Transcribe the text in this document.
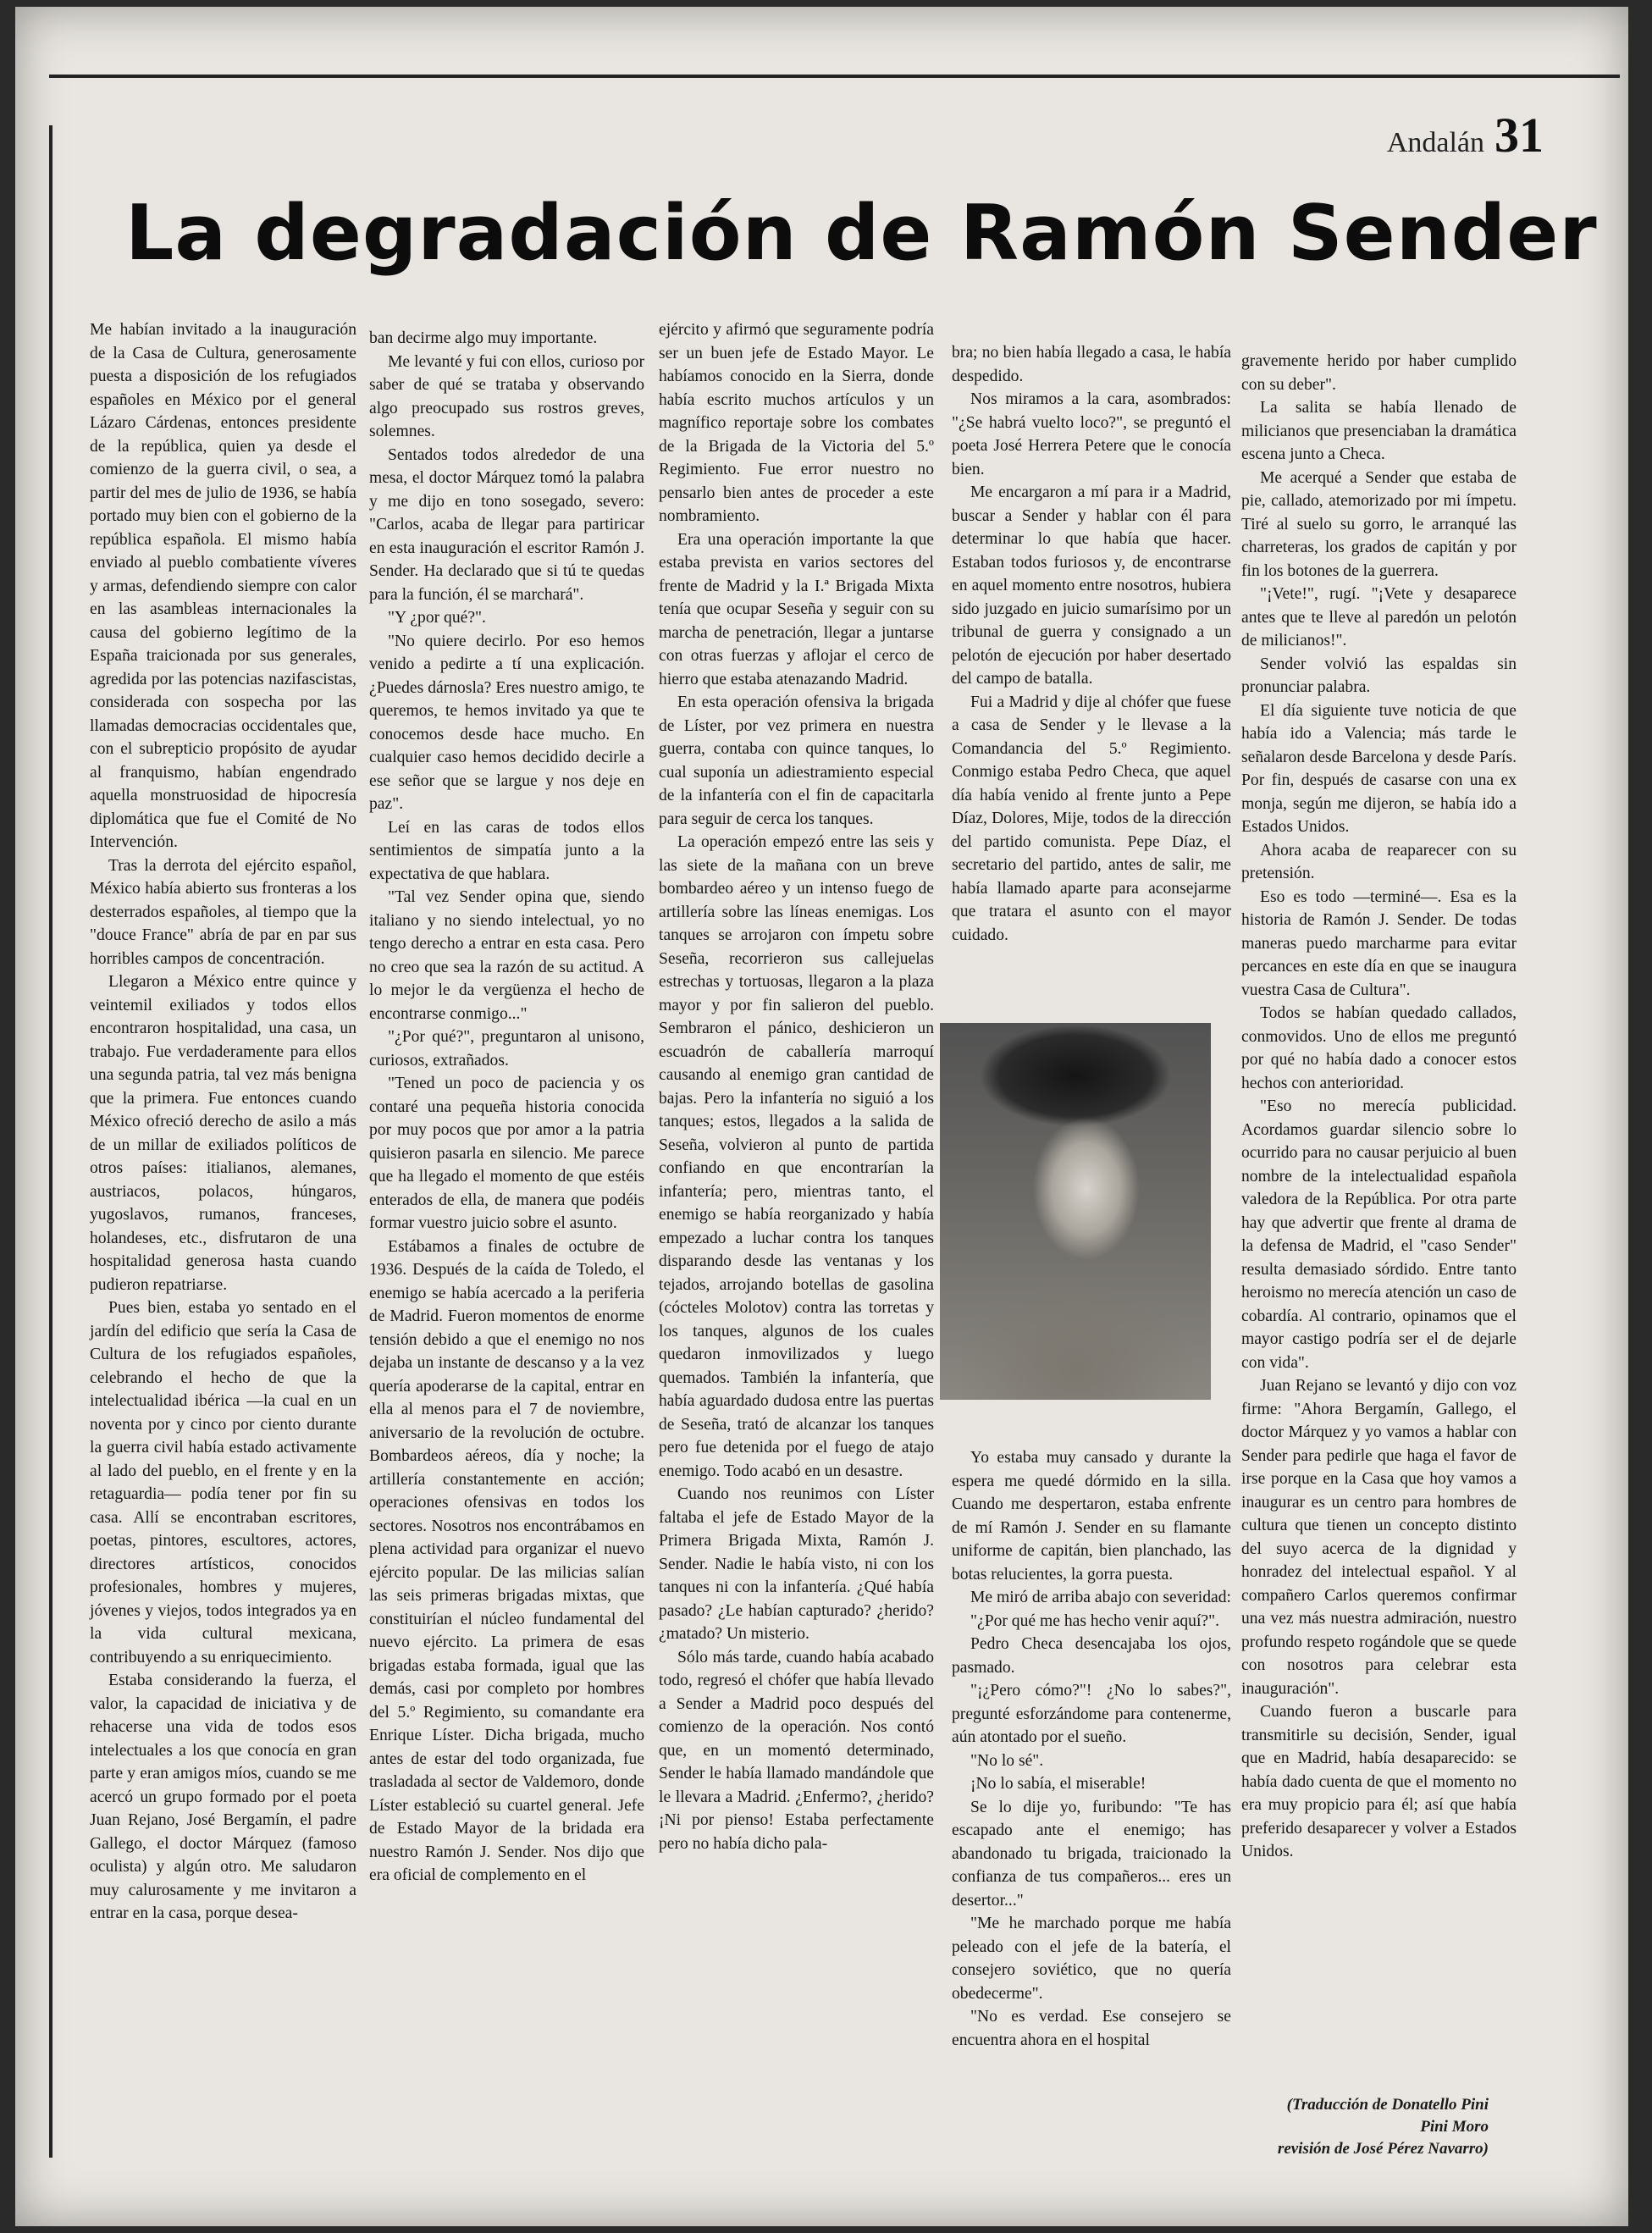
Andalán 31
La degradación de Ramón Sender

Me habían invitado a la inauguración de la Casa de Cultura, generosamente puesta a disposición de los refugiados españoles en México por el general Lázaro Cárdenas, entonces presidente de la república, quien ya desde el comienzo de la guerra civil, o sea, a partir del mes de julio de 1936, se había portado muy bien con el gobierno de la república española. El mismo había enviado al pueblo combatiente víveres y armas, defendiendo siempre con calor en las asambleas internacionales la causa del gobierno legítimo de la España traicionada por sus generales, agredida por las potencias nazifascistas, considerada con sospecha por las llamadas democracias occidentales que, con el subrepticio propósito de ayudar al franquismo, habían engendrado aquella monstruosidad de hipocresía diplomática que fue el Comité de No Intervención.

Tras la derrota del ejército español, México había abierto sus fronteras a los desterrados españoles, al tiempo que la "douce France" abría de par en par sus horribles campos de concentración.

Llegaron a México entre quince y veintemil exiliados y todos ellos encontraron hospitalidad, una casa, un trabajo. Fue verdaderamente para ellos una segunda patria, tal vez más benigna que la primera. Fue entonces cuando México ofreció derecho de asilo a más de un millar de exiliados políticos de otros países: itialianos, alemanes, austriacos, polacos, húngaros, yugoslavos, rumanos, franceses, holandeses, etc., disfrutaron de una hospitalidad generosa hasta cuando pudieron repatriarse.

Pues bien, estaba yo sentado en el jardín del edificio que sería la Casa de Cultura de los refugiados españoles, celebrando el hecho de que la intelectualidad ibérica —la cual en un noventa por y cinco por ciento durante la guerra civil había estado activamente al lado del pueblo, en el frente y en la retaguardia— podía tener por fin su casa. Allí se encontraban escritores, poetas, pintores, escultores, actores, directores artísticos, conocidos profesionales, hombres y mujeres, jóvenes y viejos, todos integrados ya en la vida cultural mexicana, contribuyendo a su enriquecimiento.

Estaba considerando la fuerza, el valor, la capacidad de iniciativa y de rehacerse una vida de todos esos intelectuales a los que conocía en gran parte y eran amigos míos, cuando se me acercó un grupo formado por el poeta Juan Rejano, José Bergamín, el padre Gallego, el doctor Márquez (famoso oculista) y algún otro. Me saludaron muy calurosamente y me invitaron a entrar en la casa, porque desea-

ban decirme algo muy importante.

Me levanté y fui con ellos, curioso por saber de qué se trataba y observando algo preocupado sus rostros greves, solemnes.

Sentados todos alrededor de una mesa, el doctor Márquez tomó la palabra y me dijo en tono sosegado, severo: "Carlos, acaba de llegar para partiricar en esta inauguración el escritor Ramón J. Sender. Ha declarado que si tú te quedas para la función, él se marchará".

"Y ¿por qué?".

"No quiere decirlo. Por eso hemos venido a pedirte a tí una explicación. ¿Puedes dárnosla? Eres nuestro amigo, te queremos, te hemos invitado ya que te conocemos desde hace mucho. En cualquier caso hemos decidido decirle a ese señor que se largue y nos deje en paz".

Leí en las caras de todos ellos sentimientos de simpatía junto a la expectativa de que hablara.

"Tal vez Sender opina que, siendo italiano y no siendo intelectual, yo no tengo derecho a entrar en esta casa. Pero no creo que sea la razón de su actitud. A lo mejor le da vergüenza el hecho de encontrarse conmigo..."

"¿Por qué?", preguntaron al unisono, curiosos, extrañados.

"Tened un poco de paciencia y os contaré una pequeña historia conocida por muy pocos que por amor a la patria quisieron pasarla en silencio. Me parece que ha llegado el momento de que estéis enterados de ella, de manera que podéis formar vuestro juicio sobre el asunto.

Estábamos a finales de octubre de 1936. Después de la caída de Toledo, el enemigo se había acercado a la periferia de Madrid. Fueron momentos de enorme tensión debido a que el enemigo no nos dejaba un instante de descanso y a la vez quería apoderarse de la capital, entrar en ella al menos para el 7 de noviembre, aniversario de la revolución de octubre. Bombardeos aéreos, día y noche; la artillería constantemente en acción; operaciones ofensivas en todos los sectores. Nosotros nos encontrábamos en plena actividad para organizar el nuevo ejército popular. De las milicias salían las seis primeras brigadas mixtas, que constituirían el núcleo fundamental del nuevo ejército. La primera de esas brigadas estaba formada, igual que las demás, casi por completo por hombres del 5.º Regimiento, su comandante era Enrique Líster. Dicha brigada, mucho antes de estar del todo organizada, fue trasladada al sector de Valdemoro, donde Líster estableció su cuartel general. Jefe de Estado Mayor de la bridada era nuestro Ramón J. Sender. Nos dijo que era oficial de complemento en el

ejército y afirmó que seguramente podría ser un buen jefe de Estado Mayor. Le habíamos conocido en la Sierra, donde había escrito muchos artículos y un magnífico reportaje sobre los combates de la Brigada de la Victoria del 5.º Regimiento. Fue error nuestro no pensarlo bien antes de proceder a este nombramiento.

Era una operación importante la que estaba prevista en varios sectores del frente de Madrid y la I.ª Brigada Mixta tenía que ocupar Seseña y seguir con su marcha de penetración, llegar a juntarse con otras fuerzas y aflojar el cerco de hierro que estaba atenazando Madrid.

En esta operación ofensiva la brigada de Líster, por vez primera en nuestra guerra, contaba con quince tanques, lo cual suponía un adiestramiento especial de la infantería con el fin de capacitarla para seguir de cerca los tanques.

La operación empezó entre las seis y las siete de la mañana con un breve bombardeo aéreo y un intenso fuego de artillería sobre las líneas enemigas. Los tanques se arrojaron con ímpetu sobre Seseña, recorrieron sus callejuelas estrechas y tortuosas, llegaron a la plaza mayor y por fin salieron del pueblo. Sembraron el pánico, deshicieron un escuadrón de caballería marroquí causando al enemigo gran cantidad de bajas. Pero la infantería no siguió a los tanques; estos, llegados a la salida de Seseña, volvieron al punto de partida confiando en que encontrarían la infantería; pero, mientras tanto, el enemigo se había reorganizado y había empezado a luchar contra los tanques disparando desde las ventanas y los tejados, arrojando botellas de gasolina (cócteles Molotov) contra las torretas y los tanques, algunos de los cuales quedaron inmovilizados y luego quemados. También la infantería, que había aguardado dudosa entre las puertas de Seseña, trató de alcanzar los tanques pero fue detenida por el fuego de atajo enemigo. Todo acabó en un desastre.

Cuando nos reunimos con Líster faltaba el jefe de Estado Mayor de la Primera Brigada Mixta, Ramón J. Sender. Nadie le había visto, ni con los tanques ni con la infantería. ¿Qué había pasado? ¿Le habían capturado? ¿herido? ¿matado? Un misterio.

Sólo más tarde, cuando había acabado todo, regresó el chófer que había llevado a Sender a Madrid poco después del comienzo de la operación. Nos contó que, en un momentó determinado, Sender le había llamado mandándole que le llevara a Madrid. ¿Enfermo?, ¿herido? ¡Ni por pienso! Estaba perfectamente pero no había dicho pala-

bra; no bien había llegado a casa, le había despedido.

Nos miramos a la cara, asombrados: "¿Se habrá vuelto loco?", se preguntó el poeta José Herrera Petere que le conocía bien.

Me encargaron a mí para ir a Madrid, buscar a Sender y hablar con él para determinar lo que había que hacer. Estaban todos furiosos y, de encontrarse en aquel momento entre nosotros, hubiera sido juzgado en juicio sumarísimo por un tribunal de guerra y consignado a un pelotón de ejecución por haber desertado del campo de batalla.

Fui a Madrid y dije al chófer que fuese a casa de Sender y le llevase a la Comandancia del 5.º Regimiento. Conmigo estaba Pedro Checa, que aquel día había venido al frente junto a Pepe Díaz, Dolores, Mije, todos de la dirección del partido comunista. Pepe Díaz, el secretario del partido, antes de salir, me había llamado aparte para aconsejarme que tratara el asunto con el mayor cuidado.

Yo estaba muy cansado y durante la espera me quedé dórmido en la silla. Cuando me despertaron, estaba enfrente de mí Ramón J. Sender en su flamante uniforme de capitán, bien planchado, las botas relucientes, la gorra puesta.

Me miró de arriba abajo con severidad:

"¿Por qué me has hecho venir aquí?".

Pedro Checa desencajaba los ojos, pasmado.

"¡¿Pero cómo?"! ¿No lo sabes?", pregunté esforzándome para contenerme, aún atontado por el sueño.

"No lo sé".

¡No lo sabía, el miserable!

Se lo dije yo, furibundo: "Te has escapado ante el enemigo; has abandonado tu brigada, traicionado la confianza de tus compañeros... eres un desertor..."

"Me he marchado porque me había peleado con el jefe de la batería, el consejero soviético, que no quería obedecerme".

"No es verdad. Ese consejero se encuentra ahora en el hospital

gravemente herido por haber cumplido con su deber".

La salita se había llenado de milicianos que presenciaban la dramática escena junto a Checa.

Me acerqué a Sender que estaba de pie, callado, atemorizado por mi ímpetu. Tiré al suelo su gorro, le arranqué las charreteras, los grados de capitán y por fin los botones de la guerrera.

"¡Vete!", rugí. "¡Vete y desaparece antes que te lleve al paredón un pelotón de milicianos!".

Sender volvió las espaldas sin pronunciar palabra.

El día siguiente tuve noticia de que había ido a Valencia; más tarde le señalaron desde Barcelona y desde París. Por fin, después de casarse con una ex monja, según me dijeron, se había ido a Estados Unidos.

Ahora acaba de reaparecer con su pretensión.

Eso es todo —terminé—. Esa es la historia de Ramón J. Sender. De todas maneras puedo marcharme para evitar percances en este día en que se inaugura vuestra Casa de Cultura".

Todos se habían quedado callados, conmovidos. Uno de ellos me preguntó por qué no había dado a conocer estos hechos con anterioridad.

"Eso no merecía publicidad. Acordamos guardar silencio sobre lo ocurrido para no causar perjuicio al buen nombre de la intelectualidad española valedora de la República. Por otra parte hay que advertir que frente al drama de la defensa de Madrid, el "caso Sender" resulta demasiado sórdido. Entre tanto heroismo no merecía atención un caso de cobardía. Al contrario, opinamos que el mayor castigo podría ser el de dejarle con vida".

Juan Rejano se levantó y dijo con voz firme: "Ahora Bergamín, Gallego, el doctor Márquez y yo vamos a hablar con Sender para pedirle que haga el favor de irse porque en la Casa que hoy vamos a inaugurar es un centro para hombres de cultura que tienen un concepto distinto del suyo acerca de la dignidad y honradez del intelectual español. Y al compañero Carlos queremos confirmar una vez más nuestra admiración, nuestro profundo respeto rogándole que se quede con nosotros para celebrar esta inauguración".

Cuando fueron a buscarle para transmitirle su decisión, Sender, igual que en Madrid, había desaparecido: se había dado cuenta de que el momento no era muy propicio para él; así que había preferido desaparecer y volver a Estados Unidos.

(Traducción de Donatello Pini
Pini Moro
revisión de José Pérez Navarro)
